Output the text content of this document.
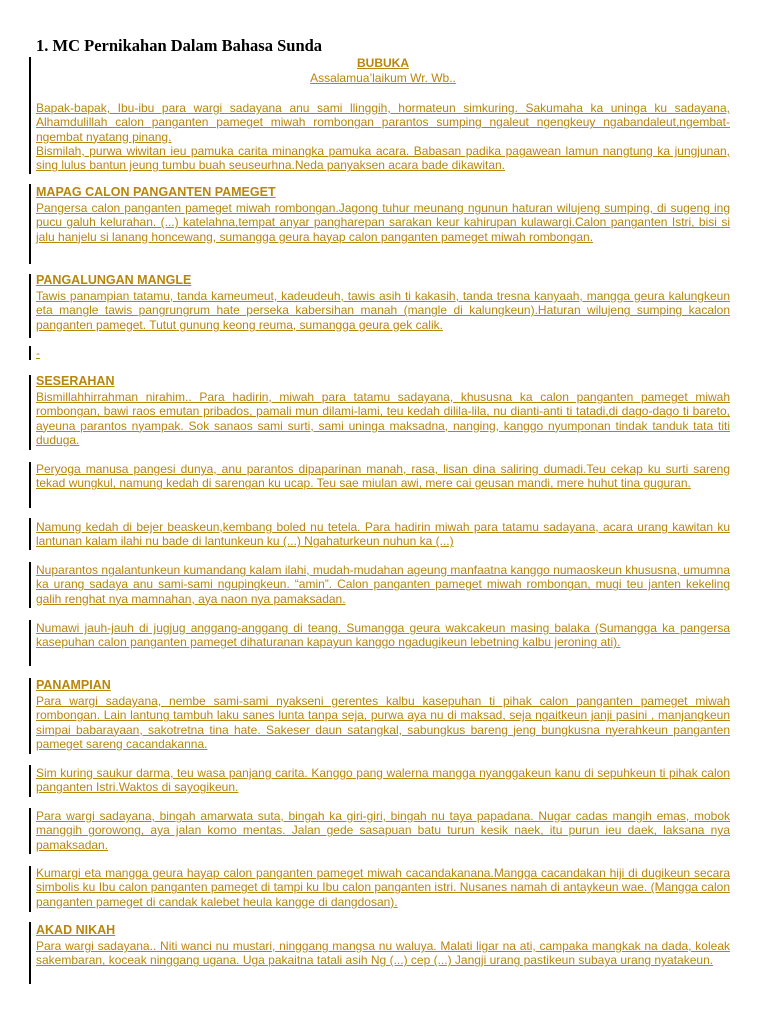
1. MC Pernikahan Dalam Bahasa Sunda
BUBUKA
Assalamua’laikum Wr. Wb..
Bapak-bapak, Ibu-ibu para wargi sadayana anu sami llinggih, hormateun simkuring. Sakumaha ka uninga ku sadayana, Alhamdulillah calon panganten pameget miwah rombongan parantos sumping ngaleut ngengkeuy ngabandaleut,ngembat-ngembat nyatang pinang.
Bismilah, purwa wiwitan ieu pamuka carita minangka pamuka acara. Babasan padika pagawean lamun nangtung ka jungjunan, sing lulus bantun jeung tumbu buah seuseurhna.Neda panyaksen acara bade dikawitan.
MAPAG CALON PANGANTEN PAMEGET
Pangersa calon panganten pameget miwah rombongan.Jagong tuhur meunang ngunun haturan wilujeng sumping, di sugeng ing pucu galuh kelurahan. (...) katelahna,tempat anyar pangharepan sarakan keur kahirupan kulawargi.Calon panganten Istri, bisi si jalu hanjelu si lanang honcewang, sumangga geura hayap calon panganten pameget miwah rombongan.
PANGALUNGAN MANGLE
Tawis panampian tatamu, tanda kameumeut, kadeudeuh, tawis asih ti kakasih, tanda tresna kanyaah, mangga geura kalungkeun eta mangle tawis pangrungrum hate perseka kabersihan manah (mangle di kalungkeun).Haturan wilujeng sumping kacalon panganten pameget. Tutut gunung keong reuma, sumangga geura gek calik.
-
SESERAHAN
Bismillahhirrahman nirahim.. Para hadirin, miwah para tatamu sadayana, khususna ka calon panganten pameget miwah rombongan, bawi raos emutan pribados, pamali mun dilami-lami, teu kedah dilila-lila, nu dianti-anti ti tatadi,di dago-dago ti bareto, ayeuna parantos nyampak. Sok sanaos sami surti, sami uninga maksadna, nanging, kanggo nyumponan tindak tanduk tata titi duduga.
Peryoga manusa pangesi dunya, anu parantos dipaparinan manah, rasa, lisan dina saliring dumadi.Teu cekap ku surti sareng tekad wungkul, namung kedah di sarengan ku ucap. Teu sae miulan awi, mere cai geusan mandi, mere huhut tina guguran.
Namung kedah di bejer beaskeun,kembang boled nu tetela. Para hadirin miwah para tatamu sadayana, acara urang kawitan ku lantunan kalam ilahi nu bade di lantunkeun ku (...) Ngahaturkeun nuhun ka (...)
Nuparantos ngalantunkeun kumandang kalam ilahi, mudah-mudahan ageung manfaatna kanggo numaoskeun khususna, umumna ka urang sadaya anu sami-sami ngupingkeun. “amin”. Calon panganten pameget miwah rombongan, mugi teu janten kekeling galih renghat nya mamnahan, aya naon nya pamaksadan.
Numawi jauh-jauh di jugjug anggang-anggang di teang. Sumangga geura wakcakeun masing balaka (Sumangga ka pangersa kasepuhan calon panganten pameget dihaturanan kapayun kanggo ngadugikeun lebetning kalbu jeroning ati).
PANAMPIAN
Para wargi sadayana, nembe sami-sami nyakseni gerentes kalbu kasepuhan ti pihak calon panganten pameget miwah rombongan. Lain lantung tambuh laku sanes lunta tanpa seja, purwa aya nu di maksad, seja ngaitkeun janji pasini , manjangkeun simpai babarayaan, sakotretna tina hate. Sakeser daun satangkal, sabungkus bareng jeng bungkusna nyerahkeun panganten pameget sareng cacandakanna.
Sim kuring saukur darma, teu wasa panjang carita. Kanggo pang walerna mangga nyanggakeun kanu di sepuhkeun ti pihak calon panganten Istri.Waktos di sayogikeun.
Para wargi sadayana, bingah amarwata suta, bingah ka giri-giri, bingah nu taya papadana. Nugar cadas mangih emas, mobok manggih gorowong, aya jalan komo mentas. Jalan gede sasapuan batu turun kesik naek, itu purun ieu daek, laksana nya pamaksadan.
Kumargi eta mangga geura hayap calon panganten pameget miwah cacandakanana.Mangga cacandakan hiji di dugikeun secara simbolis ku Ibu calon panganten pameget di tampi ku Ibu calon panganten istri. Nusanes namah di antaykeun wae. (Mangga calon panganten pameget di candak kalebet heula kangge di dangdosan).
AKAD NIKAH
Para wargi sadayana.. Niti wanci nu mustari, ninggang mangsa nu waluya. Malati ligar na ati, campaka mangkak na dada, koleak sakembaran, koceak ninggang ugana. Uga pakaitna tatali asih Ng (...) cep (...) Jangji urang pastikeun subaya urang nyatakeun.
